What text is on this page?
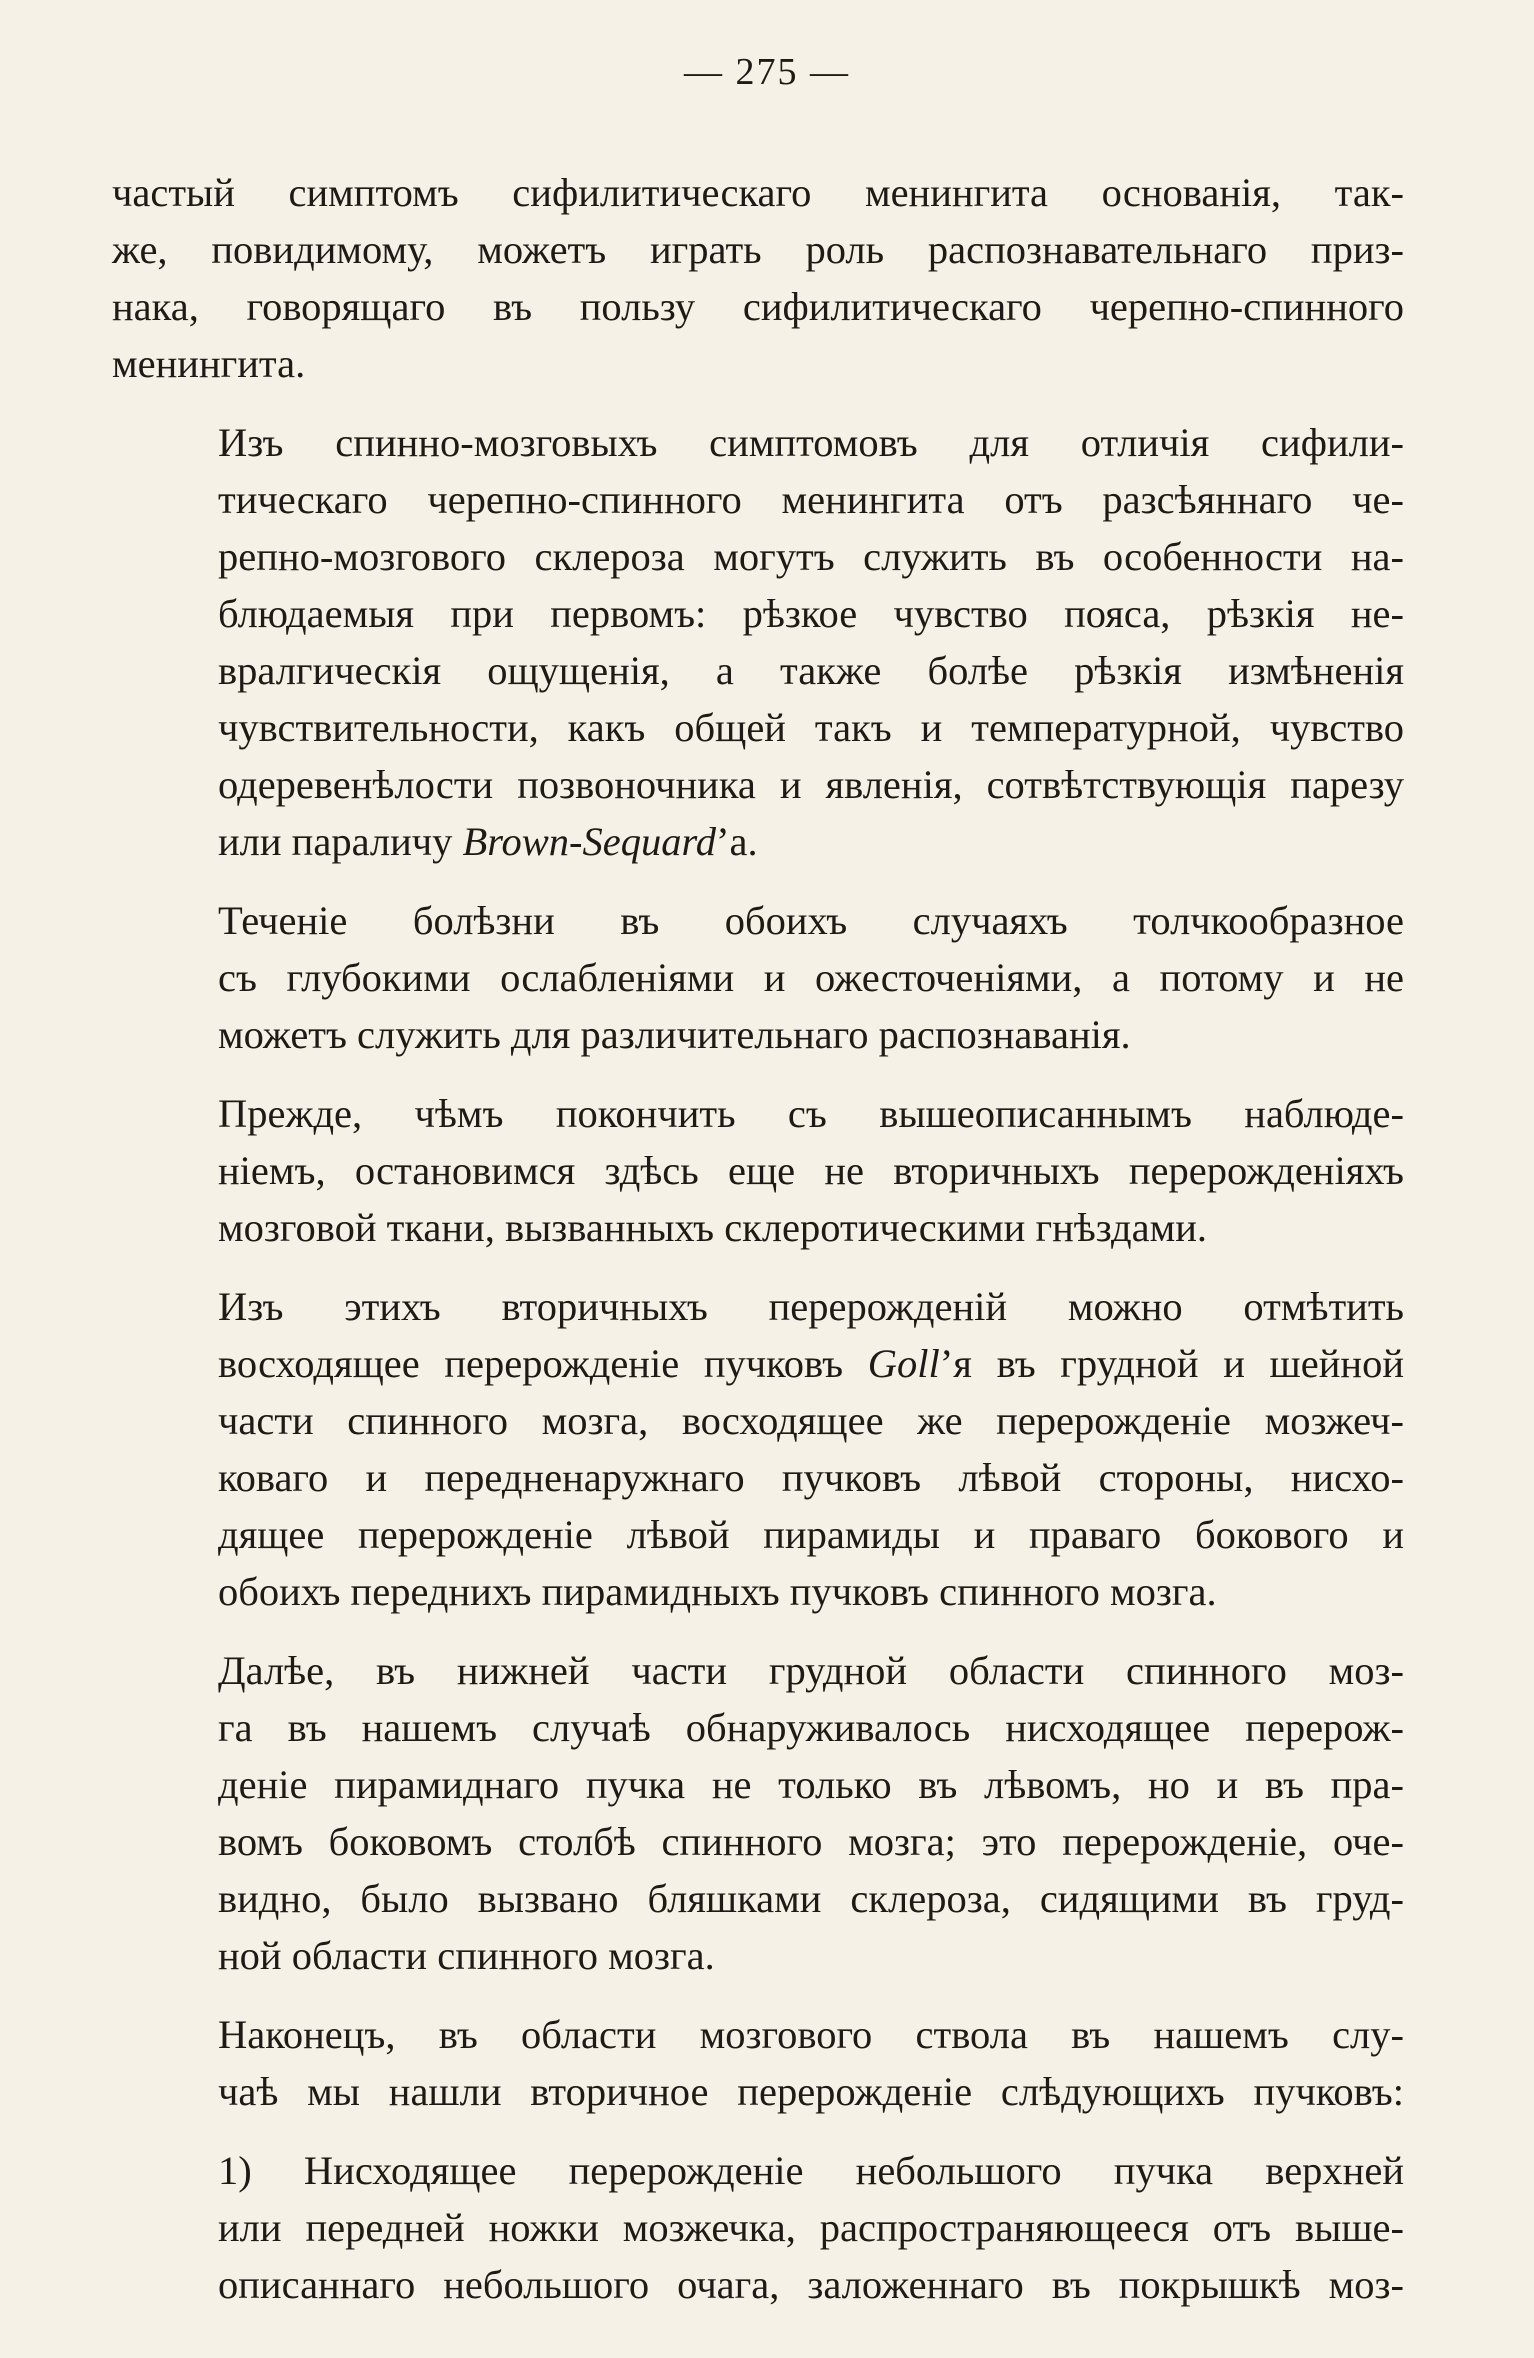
— 275 —

частый симптомъ сифилитическаго менингита основанія, так-
же, повидимому, можетъ играть роль распознавательнаго приз-
нака, говорящаго въ пользу сифилитическаго черепно-спинного
менингита.

Изъ спинно-мозговыхъ симптомовъ для отличія сифили-
тическаго черепно-спинного менингита отъ разсѣяннаго че-
репно-мозгового склероза могутъ служить въ особенности на-
блюдаемыя при первомъ: рѣзкое чувство пояса, рѣзкія не-
вралгическія ощущенія, а также болѣе рѣзкія измѣненія
чувствительности, какъ общей такъ и температурной, чувство
одеревенѣлости позвоночника и явленія, сотвѣтствующія парезу
или параличу Brown-Sequard’а.

Теченіе болѣзни въ обоихъ случаяхъ толчкообразное
съ глубокими ослабленіями и ожесточеніями, а потому и не
можетъ служить для различительнаго распознаванія.

Прежде, чѣмъ покончить съ вышеописаннымъ наблюде-
ніемъ, остановимся здѣсь еще не вторичныхъ перерожденіяхъ
мозговой ткани, вызванныхъ склеротическими гнѣздами.

Изъ этихъ вторичныхъ перерожденій можно отмѣтить
восходящее перерожденіе пучковъ Goll’я въ грудной и шейной
части спинного мозга, восходящее же перерожденіе мозжеч-
коваго и передненаружнаго пучковъ лѣвой стороны, нисхо-
дящее перерожденіе лѣвой пирамиды и праваго бокового и
обоихъ переднихъ пирамидныхъ пучковъ спинного мозга.

Далѣе, въ нижней части грудной области спинного моз-
га въ нашемъ случаѣ обнаруживалось нисходящее перерож-
деніе пирамиднаго пучка не только въ лѣвомъ, но и въ пра-
вомъ боковомъ столбѣ спинного мозга; это перерожденіе, оче-
видно, было вызвано бляшками склероза, сидящими въ груд-
ной области спинного мозга.

Наконецъ, въ области мозгового ствола въ нашемъ слу-
чаѣ мы нашли вторичное перерожденіе слѣдующихъ пучковъ:

1) Нисходящее перерожденіе небольшого пучка верхней
или передней ножки мозжечка, распространяющееся отъ выше-
описаннаго небольшого очага, заложеннаго въ покрышкѣ моз-
